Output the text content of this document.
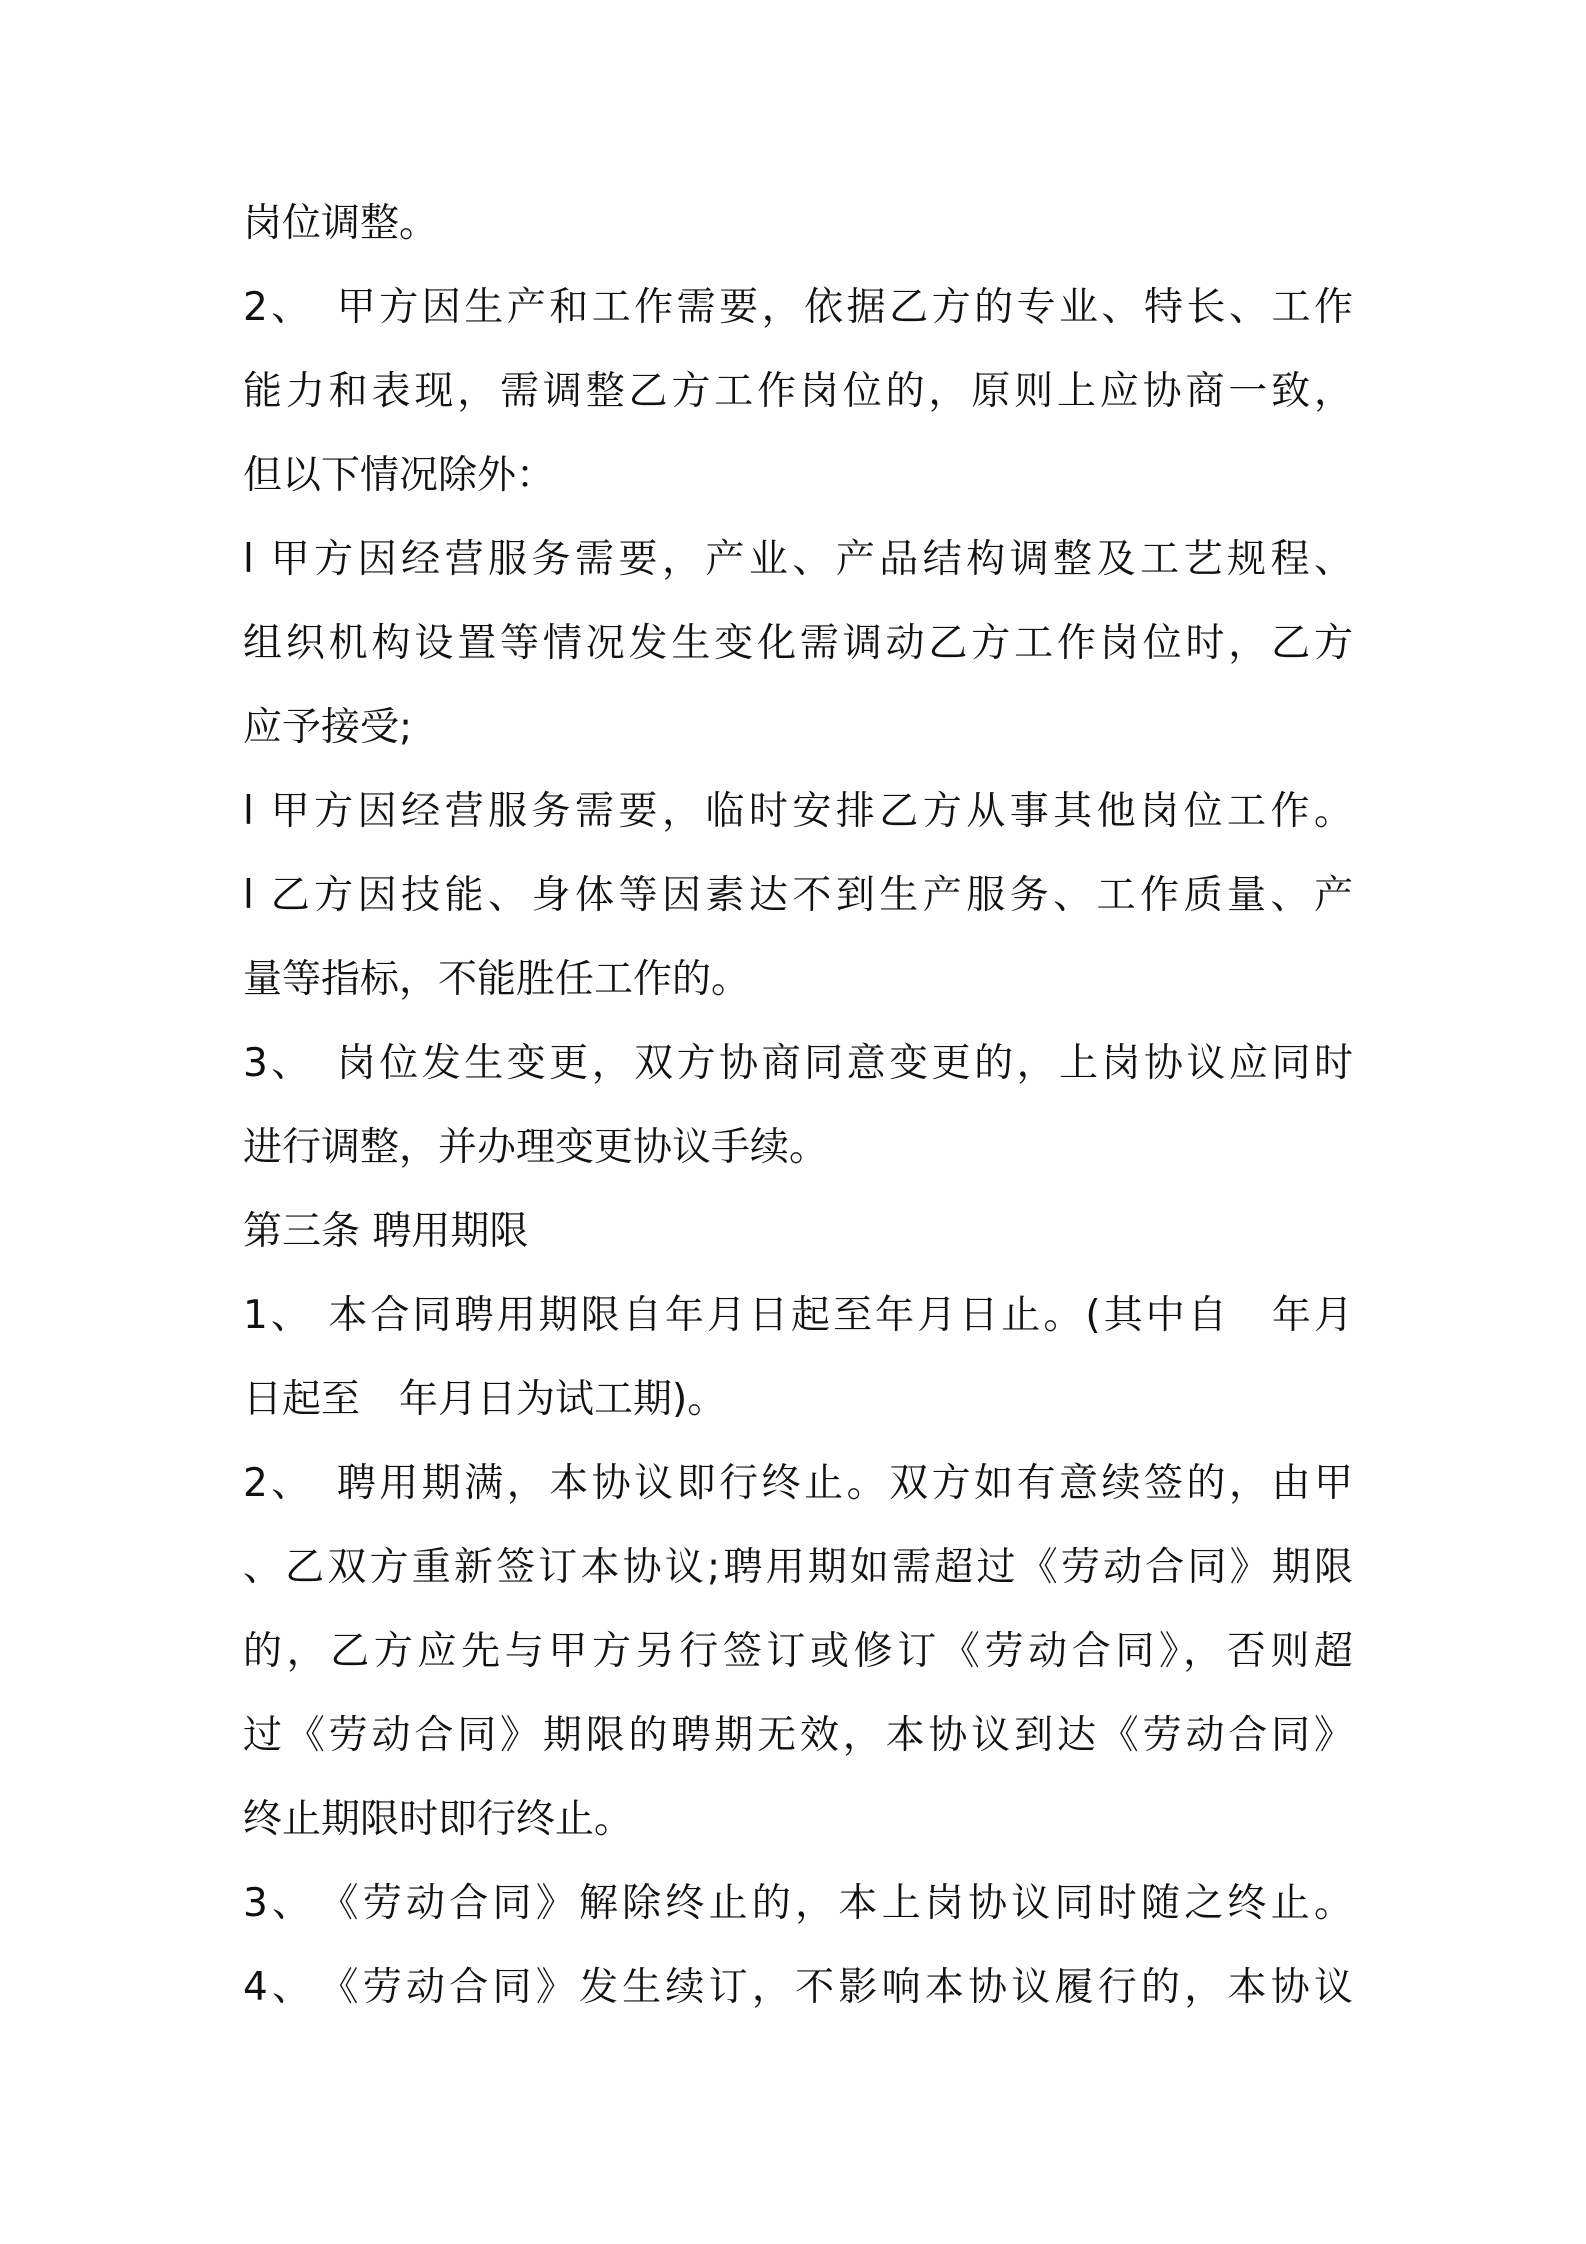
岗位调整。
2、　甲方因生产和工作需要，依据乙方的专业、特长、工作
能力和表现，需调整乙方工作岗位的，原则上应协商一致，
但以下情况除外：
l 甲方因经营服务需要，产业、产品结构调整及工艺规程、
组织机构设置等情况发生变化需调动乙方工作岗位时，乙方
应予接受;
l 甲方因经营服务需要，临时安排乙方从事其他岗位工作。
l 乙方因技能、身体等因素达不到生产服务、工作质量、产
量等指标，不能胜任工作的。
3、　岗位发生变更，双方协商同意变更的，上岗协议应同时
进行调整，并办理变更协议手续。
第三条 聘用期限
1、 本合同聘用期限自年月日起至年月日止。(其中自　年月
日起至　年月日为试工期)。
2、　聘用期满，本协议即行终止。双方如有意续签的，由甲
、乙双方重新签订本协议;聘用期如需超过《劳动合同》期限
的，乙方应先与甲方另行签订或修订《劳动合同》，否则超
过《劳动合同》期限的聘期无效，本协议到达《劳动合同》
终止期限时即行终止。
3、　《劳动合同》解除终止的，本上岗协议同时随之终止。
4、　《劳动合同》发生续订，不影响本协议履行的，本协议
